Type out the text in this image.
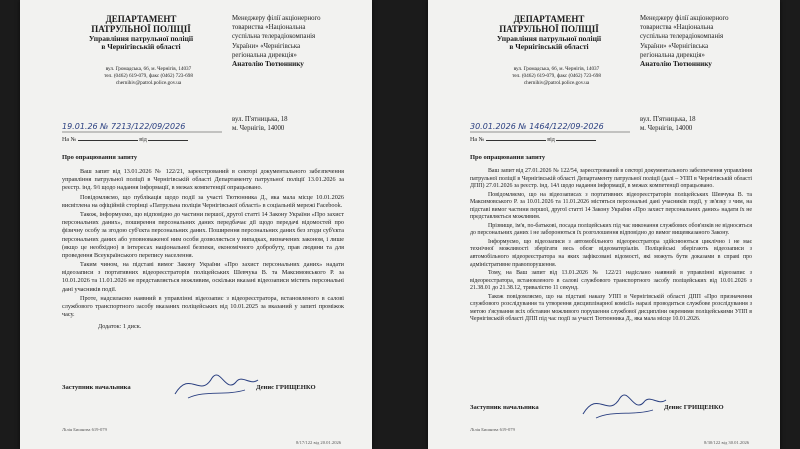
ДЕПАРТАМЕНТ
ПАТРУЛЬНОЇ ПОЛІЦІЇ
Управління патрульної поліції
в Чернігівській області
вул. Громадська, 66, м. Чернігів, 14037
тел. (0462) 619-079, факс (0462) 723-698
chernihiv@patrol.police.gov.ua
Менеджеру філії акціонерного
товариства «Національна
суспільна телерадіокомпанія
України» «Чернігівська
регіональна дирекція»
Анатолію Тютюннику
вул. П'ятницька, 18
м. Чернігів, 14000
19.01.26 № 7213/122/09/2026
На №	від
Про опрацювання запиту

Ваш запит від 13.01.2026 № 122/21, зареєстрований в секторі документального забезпечення управління патрульної поліції в Чернігівській області Департаменту патрульної поліції 13.01.2026 за реєстр. інд. 9/і щодо надання інформації, в межах компетенції опрацьовано.

Повідомляємо, що публікація щодо події за участі Тютюнника Д., яка мала місце 10.01.2026 висвітлена на офіційній сторінці «Патрульна поліція Чернігівської області» в соціальній мережі Facebook.

Також, інформуємо, що відповідно до частини першої, другої статті 14 Закону України «Про захист персональних даних», поширення персональних даних передбачає дії щодо передачі відомостей про фізичну особу за згодою суб'єкта персональних даних. Поширення персональних даних без згоди суб'єкта персональних даних або уповноваженої ним особи дозволяється у випадках, визначених законом, і лише (якщо це необхідно) в інтересах національної безпеки, економічного добробуту, прав людини та для проведення Всеукраїнського перепису населення.

Таким чином, на підставі вимог Закону України «Про захист персональних даних» надати відеозаписи з портативних відеореєстраторів поліцейських Шевчука В. та Максимовського Р. за 10.01.2026 та 11.01.2026 не представляється можливим, оскільки вказані відеозаписи містять персональні дані учасників події.

Проте, надсилаємо наявний в управлінні відеозапис з відеореєстратора, встановленого в салові службового транспортного засобу вказаних поліцейських від 10.01.2025 за вказаний у запиті проміжок часу.

Додаток: 1 диск.

Заступник начальника	Денис ГРИЩЕНКО
Лілія Бишнєва 619-079
8/17/122 від 20.01.2026
ДЕПАРТАМЕНТ
ПАТРУЛЬНОЇ ПОЛІЦІЇ
Управління патрульної поліції
в Чернігівській області
вул. Громадська, 66, м. Чернігів, 14037
тел. (0462) 619-079, факс (0462) 723-698
chernihiv@patrol.police.gov.ua
Менеджеру філії акціонерного
товариства «Національна
суспільна телерадіокомпанія
України» «Чернігівська
регіональна дирекція»
Анатолію Тютюннику
вул. П'ятницька, 18
м. Чернігів, 14000
30.01.2026 № 1464/122/09-2026
На №	від
Про опрацювання запиту

Ваш запит від 27.01.2026 № 122/54, зареєстрований в секторі документального забезпечення управління патрульної поліції в Чернігівській області Департаменту патрульної поліції (далі – УПП в Чернігівській області ДПП) 27.01.2026 за реєстр. інд. 14/і щодо надання інформації, в межах компетенції опрацьовано.

Повідомляємо, що на відеозаписах з портативних відеореєстраторів поліцейських Шевчука В. та Максимовського Р. за 10.01.2026 та 11.01.2026 містяться персональні дані учасників події, у зв'язку з чим, на підставі вимог частини першої, другої статті 14 Закону України «Про захист персональних даних» надати їх не представляється можливим.

Прізвище, ім'я, по-батькові, посада поліцейських під час виконання службових обов'язків не відносяться до персональних даних і не заборонються їх розголошення відповідно до вимог вищевказаного Закону.

Інформуємо, що відеозаписи з автомобільного відеореєстратора здійснюються циклічно і не має технічної можливості зберігати весь обсяг відеоматеріалів. Поліцейські зберігають відеозаписи з автомобільного відеореєстратора на яких зафіксовані відомості, які можуть бути доказами в справі про адміністративне правопорушення.

Тому, на Ваш запит від 13.01.2026 № 122/21 надіслано наявний в управлінні відеозапис з відеореєстратора, встановленого в салові службового транспортного засобу поліцейських від 10.01.2026 з 21.38.01 до 21.38.12, тривалістю 11 секунд.

Також повідомляємо, що на підставі наказу УПП в Чернігівській області ДПП «Про призначення службового розслідування та утворення дисциплінарної комісії» наразі проводиться службове розслідування з метою з'ясування всіх обставин можливого порушення службової дисципліни окремими поліцейськими УПП в Чернігівській області ДПП під час події за участі Тютюнника Д., яка мала місце 10.01.2026.

Заступник начальника	Денис ГРИЩЕНКО
Лілія Бишнєва 619-079
8/30/122 від 30.01.2026
